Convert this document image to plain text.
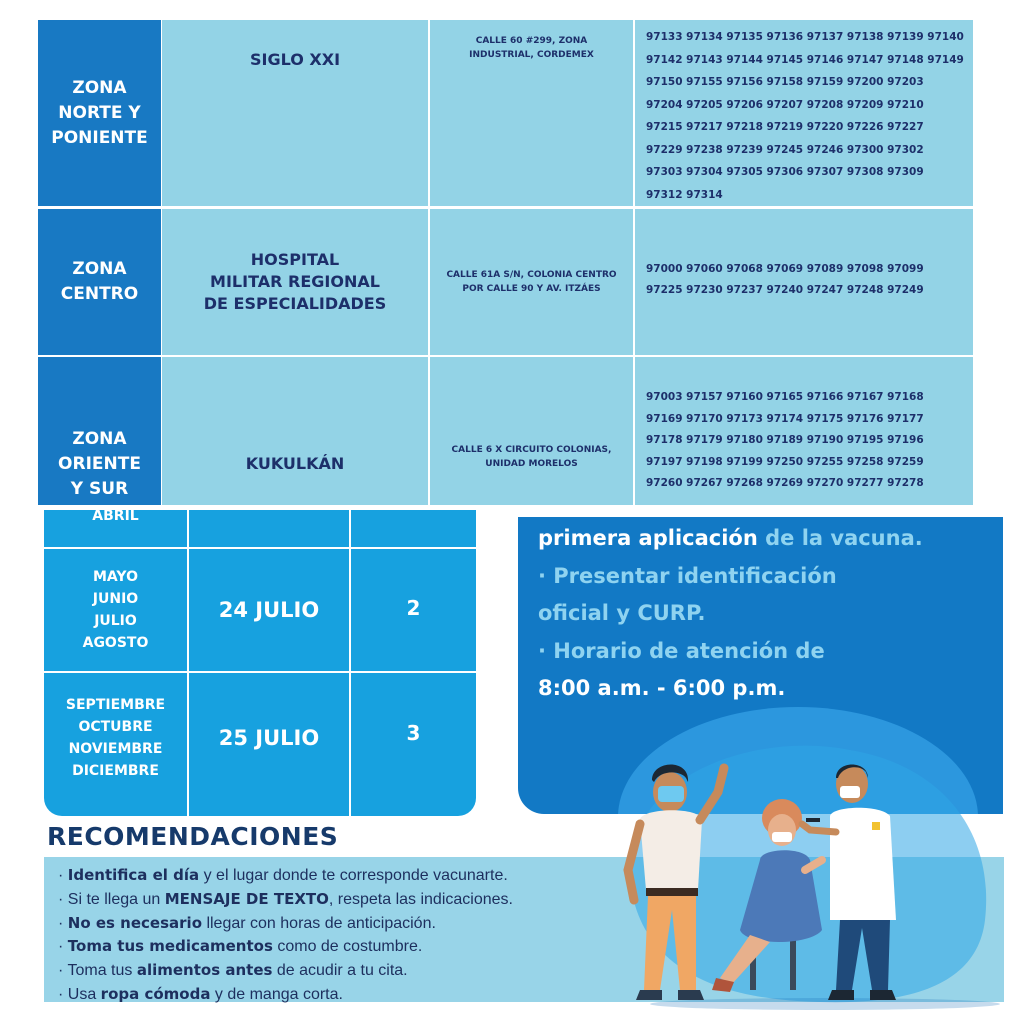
ZONA
NORTE Y
PONIENTE
SIGLO XXI
CALLE 60 #299, ZONA
INDUSTRIAL, CORDEMEX
97133 97134 97135 97136 97137 97138 97139 97140
97142 97143 97144 97145 97146 97147 97148 97149
97150 97155 97156 97158 97159 97200 97203
97204 97205 97206 97207 97208 97209 97210
97215 97217 97218 97219 97220 97226 97227
97229 97238 97239 97245 97246 97300 97302
97303 97304 97305 97306 97307 97308 97309
97312 97314
ZONA
CENTRO
HOSPITAL
MILITAR REGIONAL
DE ESPECIALIDADES
CALLE 61A S/N, COLONIA CENTRO
POR CALLE 90 Y AV. ITZÁES
97000 97060 97068 97069 97089 97098 97099
97225 97230 97237 97240 97247 97248 97249
ZONA
ORIENTE
Y SUR
KUKULKÁN
CALLE 6 X CIRCUITO COLONIAS,
UNIDAD MORELOS
97003 97157 97160 97165 97166 97167 97168
97169 97170 97173 97174 97175 97176 97177
97178 97179 97180 97189 97190 97195 97196
97197 97198 97199 97250 97255 97258 97259
97260 97267 97268 97269 97270 97277 97278
ABRIL
MAYO
JUNIO
JULIO
AGOSTO
24 JULIO	2
SEPTIEMBRE
OCTUBRE
NOVIEMBRE
DICIEMBRE
25 JULIO	3
primera aplicación de la vacuna.
· Presentar identificación
oficial y CURP.
· Horario de atención de
8:00 a.m. - 6:00 p.m.
RECOMENDACIONES
· Identifica el día y el lugar donde te corresponde vacunarte.
· Si te llega un MENSAJE DE TEXTO, respeta las indicaciones.
· No es necesario llegar con horas de anticipación.
· Toma tus medicamentos como de costumbre.
· Toma tus alimentos antes de acudir a tu cita.
· Usa ropa cómoda y de manga corta.
